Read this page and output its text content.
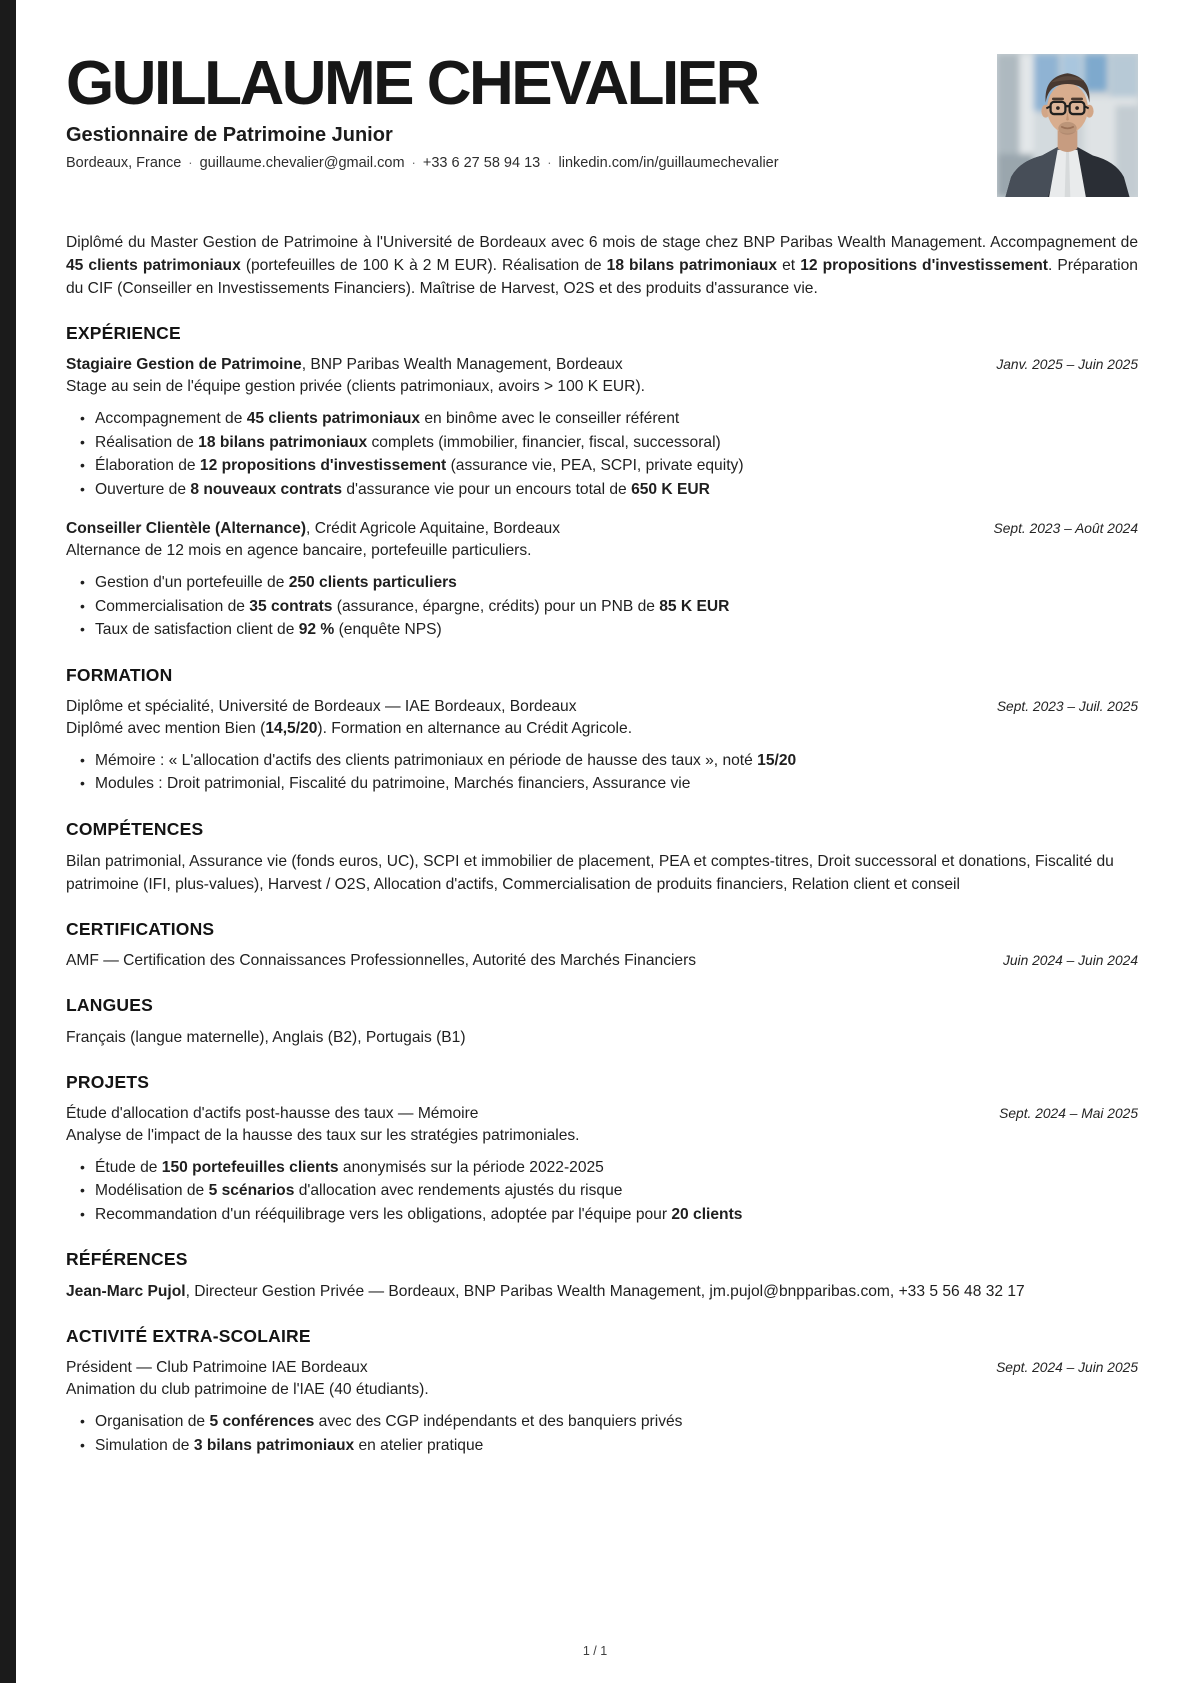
GUILLAUME CHEVALIER
Gestionnaire de Patrimoine Junior
Bordeaux, France · guillaume.chevalier@gmail.com · +33 6 27 58 94 13 · linkedin.com/in/guillaumechevalier

Diplômé du Master Gestion de Patrimoine à l'Université de Bordeaux avec 6 mois de stage chez BNP Paribas Wealth Management. Accompagnement de 45 clients patrimoniaux (portefeuilles de 100 K à 2 M EUR). Réalisation de 18 bilans patrimoniaux et 12 propositions d'investissement. Préparation du CIF (Conseiller en Investissements Financiers). Maîtrise de Harvest, O2S et des produits d'assurance vie.

EXPÉRIENCE
Stagiaire Gestion de Patrimoine, BNP Paribas Wealth Management, Bordeaux	Janv. 2025 – Juin 2025
Stage au sein de l'équipe gestion privée (clients patrimoniaux, avoirs > 100 K EUR).
• Accompagnement de 45 clients patrimoniaux en binôme avec le conseiller référent
• Réalisation de 18 bilans patrimoniaux complets (immobilier, financier, fiscal, successoral)
• Élaboration de 12 propositions d'investissement (assurance vie, PEA, SCPI, private equity)
• Ouverture de 8 nouveaux contrats d'assurance vie pour un encours total de 650 K EUR
Conseiller Clientèle (Alternance), Crédit Agricole Aquitaine, Bordeaux	Sept. 2023 – Août 2024
Alternance de 12 mois en agence bancaire, portefeuille particuliers.
• Gestion d'un portefeuille de 250 clients particuliers
• Commercialisation de 35 contrats (assurance, épargne, crédits) pour un PNB de 85 K EUR
• Taux de satisfaction client de 92 % (enquête NPS)
FORMATION
Diplôme et spécialité, Université de Bordeaux — IAE Bordeaux, Bordeaux	Sept. 2023 – Juil. 2025
Diplômé avec mention Bien (14,5/20). Formation en alternance au Crédit Agricole.
• Mémoire : « L'allocation d'actifs des clients patrimoniaux en période de hausse des taux », noté 15/20
• Modules : Droit patrimonial, Fiscalité du patrimoine, Marchés financiers, Assurance vie
COMPÉTENCES

Bilan patrimonial, Assurance vie (fonds euros, UC), SCPI et immobilier de placement, PEA et comptes-titres, Droit successoral et donations, Fiscalité du patrimoine (IFI, plus-values), Harvest / O2S, Allocation d'actifs, Commercialisation de produits financiers, Relation client et conseil

CERTIFICATIONS
AMF — Certification des Connaissances Professionnelles, Autorité des Marchés Financiers	Juin 2024 – Juin 2024
LANGUES

Français (langue maternelle), Anglais (B2), Portugais (B1)

PROJETS
Étude d'allocation d'actifs post-hausse des taux — Mémoire	Sept. 2024 – Mai 2025
Analyse de l'impact de la hausse des taux sur les stratégies patrimoniales.
• Étude de 150 portefeuilles clients anonymisés sur la période 2022-2025
• Modélisation de 5 scénarios d'allocation avec rendements ajustés du risque
• Recommandation d'un rééquilibrage vers les obligations, adoptée par l'équipe pour 20 clients
RÉFÉRENCES

Jean-Marc Pujol, Directeur Gestion Privée — Bordeaux, BNP Paribas Wealth Management, jm.pujol@bnpparibas.com, +33 5 56 48 32 17

ACTIVITÉ EXTRA-SCOLAIRE
Président — Club Patrimoine IAE Bordeaux	Sept. 2024 – Juin 2025
Animation du club patrimoine de l'IAE (40 étudiants).
• Organisation de 5 conférences avec des CGP indépendants et des banquiers privés
• Simulation de 3 bilans patrimoniaux en atelier pratique
1 / 1
